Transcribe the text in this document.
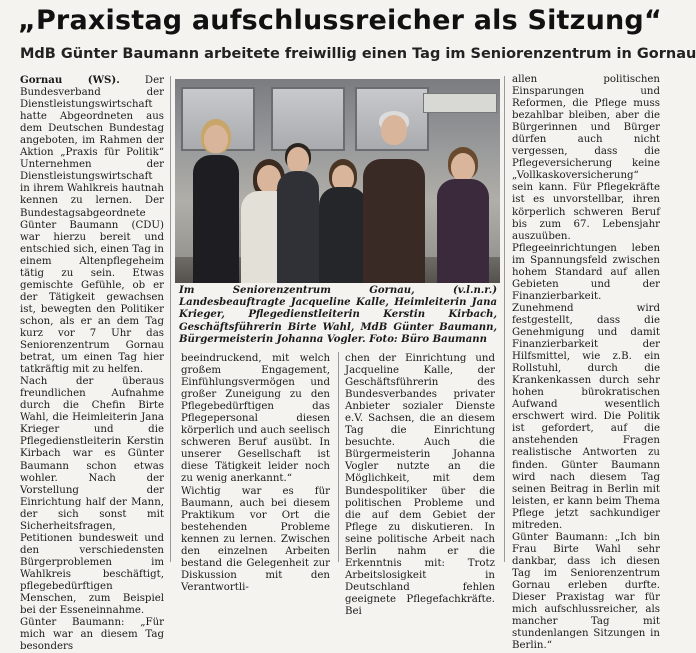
„Praxistag aufschlussreicher als Sitzung“
MdB Günter Baumann arbeitete freiwillig einen Tag im Seniorenzentrum in Gornau

Gornau (WS). Der Bundesverband der Dienstleistungswirtschaft hatte Abgeordneten aus dem Deutschen Bundestag angeboten, im Rahmen der Aktion „Praxis für Politik“ Unternehmen der Dienstleistungswirtschaft in ihrem Wahlkreis hautnah kennen zu lernen. Der Bundestagsabgeordnete Günter Baumann (CDU) war hierzu bereit und entschied sich, einen Tag in einem Altenpflegeheim tätig zu sein. Etwas gemischte Gefühle, ob er der Tätigkeit gewachsen ist, bewegten den Politiker schon, als er an dem Tag kurz vor 7 Uhr das Seniorenzentrum Gornau betrat, um einen Tag hier tatkräftig mit zu helfen.

Nach der überaus freundlichen Aufnahme durch die Chefin Birte Wahl, die Heimleiterin Jana Krieger und die Pflegedienstleiterin Kerstin Kirbach war es Günter Baumann schon etwas wohler. Nach der Vorstellung der Einrichtung half der Mann, der sich sonst mit Sicherheitsfragen, Petitionen bundesweit und den verschiedensten Bürgerproblemen im Wahlkreis beschäftigt, pflegebedürftigen Menschen, zum Beispiel bei der Esseneinnahme.

Günter Baumann: „Für mich war an diesem Tag besonders

Im Seniorenzentrum Gornau, (v.l.n.r.) Landesbeauftragte Jacqueline Kalle, Heimleiterin Jana Krieger, Pflegedienstleiterin Kerstin Kirbach, Geschäftsführerin Birte Wahl, MdB Günter Baumann, Bürgermeisterin Johanna Vogler. Foto: Büro Baumann

beeindruckend, mit welch großem Engagement, Einfühlungsvermögen und großer Zuneigung zu den Pflegebedürftigen das Pflegepersonal diesen körperlich und auch seelisch schweren Beruf ausübt. In unserer Gesellschaft ist diese Tätigkeit leider noch zu wenig anerkannt.“

Wichtig war es für Baumann, auch bei diesem Praktikum vor Ort die bestehenden Probleme kennen zu lernen. Zwischen den einzelnen Arbeiten bestand die Gelegenheit zur Diskussion mit den Verantwortli-

chen der Einrichtung und Jacqueline Kalle, der Geschäftsführerin des Bundesverbandes privater Anbieter sozialer Dienste e.V. Sachsen, die an diesem Tag die Einrichtung besuchte. Auch die Bürgermeisterin Johanna Vogler nutzte an die Möglichkeit, mit dem Bundespolitiker über die politischen Probleme und die auf dem Gebiet der Pflege zu diskutieren. In seine politische Arbeit nach Berlin nahm er die Erkenntnis mit: Trotz Arbeitslosigkeit in Deutschland fehlen geeignete Pflegefachkräfte. Bei

allen politischen Einsparungen und Reformen, die Pflege muss bezahlbar bleiben, aber die Bürgerinnen und Bürger dürfen auch nicht vergessen, dass die Pflegeversicherung keine „Vollkaskoversicherung“ sein kann. Für Pflegekräfte ist es unvorstellbar, ihren körperlich schweren Beruf bis zum 67. Lebensjahr auszuüben.

Pflegeeinrichtungen leben im Spannungsfeld zwischen hohem Standard auf allen Gebieten und der Finanzierbarkeit. Zunehmend wird festgestellt, dass die Genehmigung und damit Finanzierbarkeit der Hilfsmittel, wie z.B. ein Rollstuhl, durch die Krankenkassen durch sehr hohen bürokratischen Aufwand wesentlich erschwert wird. Die Politik ist gefordert, auf die anstehenden Fragen realistische Antworten zu finden. Günter Baumann wird nach diesem Tag seinen Beitrag in Berlin mit leisten, er kann beim Thema Pflege jetzt sachkundiger mitreden.

Günter Baumann: „Ich bin Frau Birte Wahl sehr dankbar, dass ich diesen Tag im Seniorenzentrum Gornau erleben durfte. Dieser Praxistag war für mich aufschlussreicher, als mancher Tag mit stundenlangen Sitzungen in Berlin.“
